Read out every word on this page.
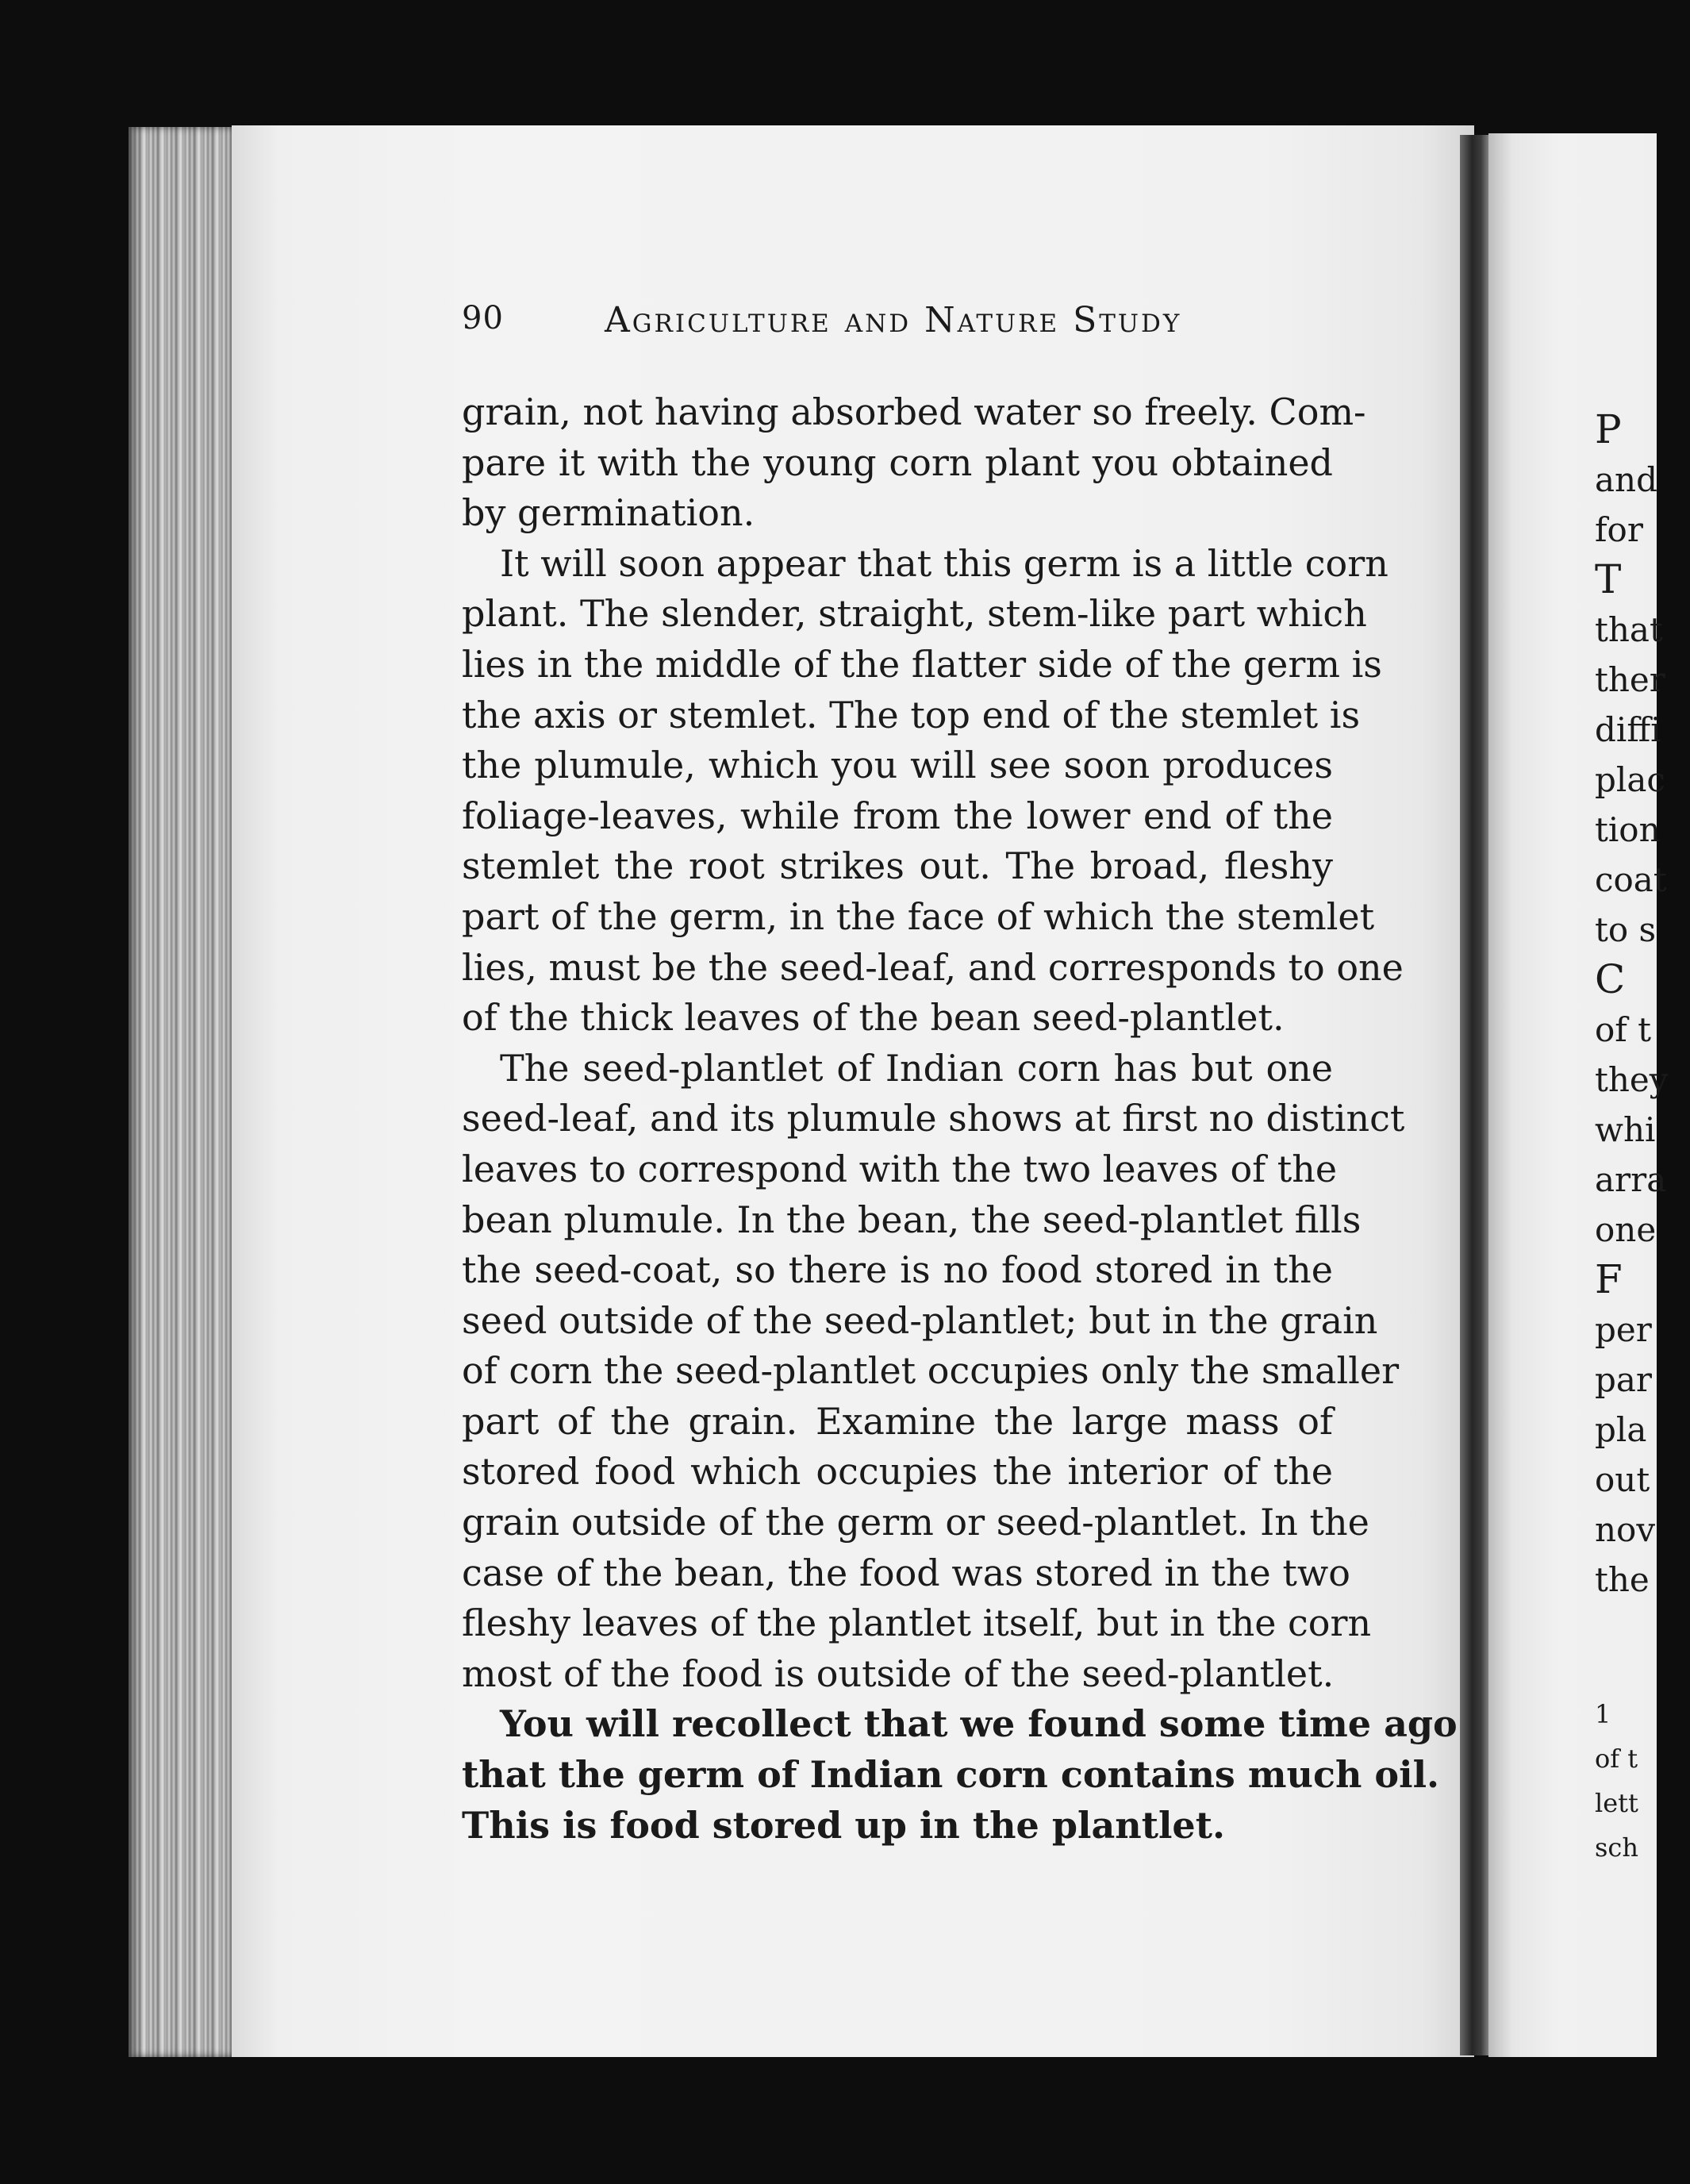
90	Agriculture and Nature Study
grain, not having absorbed water so freely. Com-
pare it with the young corn plant you obtained
by germination.
It will soon appear that this germ is a little corn
plant. The slender, straight, stem-like part which
lies in the middle of the flatter side of the germ is
the axis or stemlet. The top end of the stemlet is
the plumule, which you will see soon produces
foliage-leaves, while from the lower end of the
stemlet the root strikes out. The broad, fleshy
part of the germ, in the face of which the stemlet
lies, must be the seed-leaf, and corresponds to one
of the thick leaves of the bean seed-plantlet.
The seed-plantlet of Indian corn has but one
seed-leaf, and its plumule shows at first no distinct
leaves to correspond with the two leaves of the
bean plumule. In the bean, the seed-plantlet fills
the seed-coat, so there is no food stored in the
seed outside of the seed-plantlet; but in the grain
of corn the seed-plantlet occupies only the smaller
part of the grain. Examine the large mass of
stored food which occupies the interior of the
grain outside of the germ or seed-plantlet. In the
case of the bean, the food was stored in the two
fleshy leaves of the plantlet itself, but in the corn
most of the food is outside of the seed-plantlet.
You will recollect that we found some time ago
that the germ of Indian corn contains much oil.
This is food stored up in the plantlet.
P
and
for
T
that
ther
diffi
plac
tion
coat
to s
C
of t
they
whi
arra
one
F
per
par
pla
out
nov
the
1
of t
lett
sch
